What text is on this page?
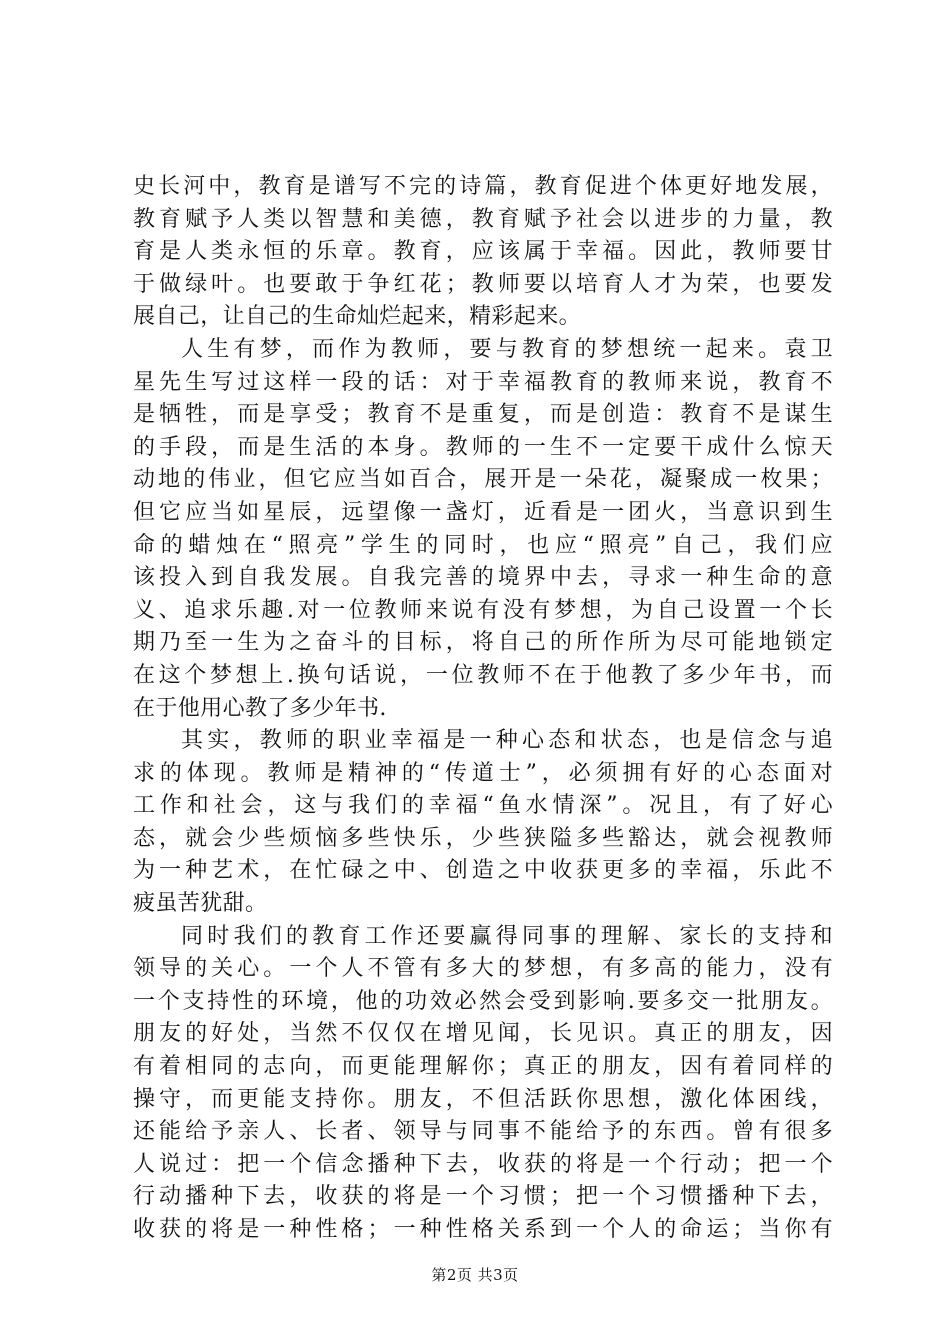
史长河中，教育是谱写不完的诗篇，教育促进个体更好地发展，
教育赋予人类以智慧和美德，教育赋予社会以进步的力量，教
育是人类永恒的乐章。教育，应该属于幸福。因此，教师要甘
于做绿叶。也要敢于争红花；教师要以培育人才为荣，也要发
展自己，让自己的生命灿烂起来，精彩起来。
人生有梦，而作为教师，要与教育的梦想统一起来。袁卫
星先生写过这样一段的话：对于幸福教育的教师来说，教育不
是牺牲，而是享受；教育不是重复，而是创造：教育不是谋生
的手段，而是生活的本身。教师的一生不一定要干成什么惊天
动地的伟业，但它应当如百合，展开是一朵花，凝聚成一枚果；
但它应当如星辰，远望像一盏灯，近看是一团火，当意识到生
命的蜡烛在“照亮”学生的同时，也应“照亮”自己，我们应
该投入到自我发展。自我完善的境界中去，寻求一种生命的意
义、追求乐趣.对一位教师来说有没有梦想，为自己设置一个长
期乃至一生为之奋斗的目标，将自己的所作所为尽可能地锁定
在这个梦想上.换句话说，一位教师不在于他教了多少年书，而
在于他用心教了多少年书.
其实，教师的职业幸福是一种心态和状态，也是信念与追
求的体现。教师是精神的“传道士”，必须拥有好的心态面对
工作和社会，这与我们的幸福“鱼水情深”。况且，有了好心
态，就会少些烦恼多些快乐，少些狭隘多些豁达，就会视教师
为一种艺术，在忙碌之中、创造之中收获更多的幸福，乐此不
疲虽苦犹甜。
同时我们的教育工作还要赢得同事的理解、家长的支持和
领导的关心。一个人不管有多大的梦想，有多高的能力，没有
一个支持性的环境，他的功效必然会受到影响.要多交一批朋友。
朋友的好处，当然不仅仅在增见闻，长见识。真正的朋友，因
有着相同的志向，而更能理解你；真正的朋友，因有着同样的
操守，而更能支持你。朋友，不但活跃你思想，激化体困线，
还能给予亲人、长者、领导与同事不能给予的东西。曾有很多
人说过：把一个信念播种下去，收获的将是一个行动；把一个
行动播种下去，收获的将是一个习惯；把一个习惯播种下去，
收获的将是一种性格；一种性格关系到一个人的命运；当你有
第2页 共3页
